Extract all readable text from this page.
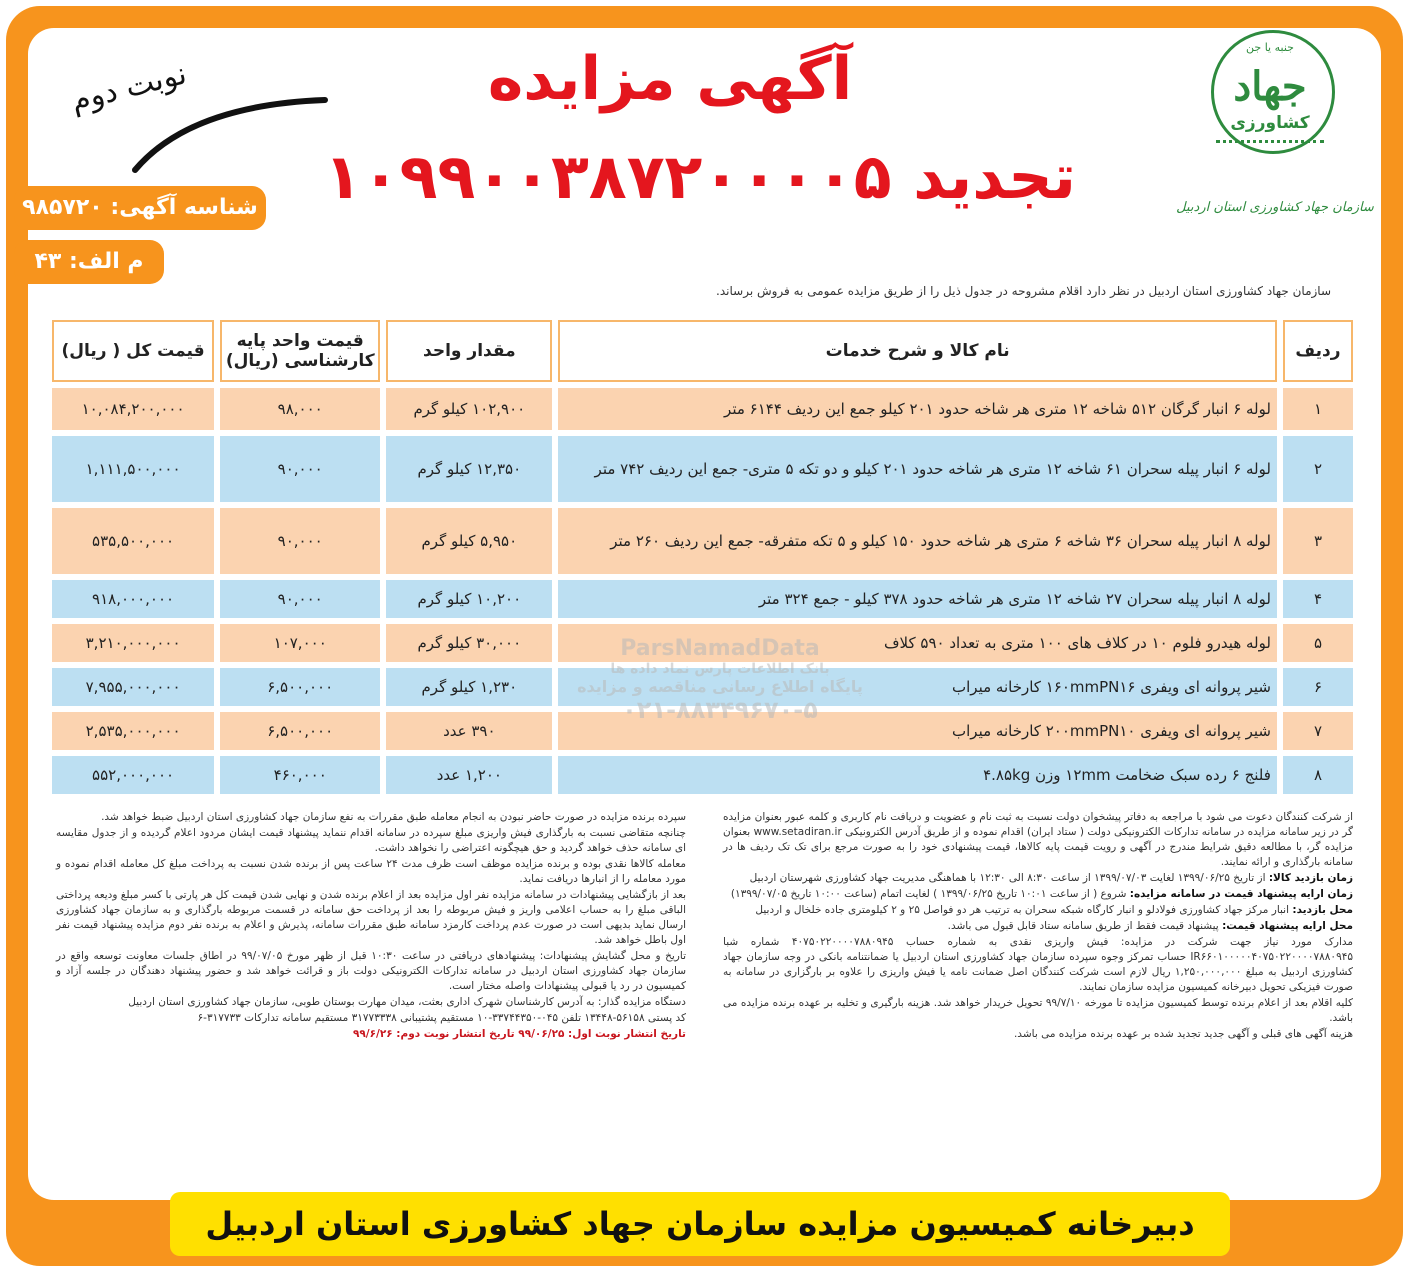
جنبه یا جن
جهاد
کشاورزی
سازمان جهاد کشاورزی استان اردبیل
آگهی مزایده
۱۰۹۹۰۰۳۸۷۲۰۰۰۰۵ تجدید
نوبت دوم
شناسه آگهی: ۹۸۵۷۲۰
م الف: ۴۳
سازمان جهاد کشاورزی استان اردبیل در نظر دارد اقلام مشروحه در جدول ذیل را از طریق مزایده عمومی به فروش برساند.
ردیف	نام کالا و شرح خدمات	مقدار واحد	قیمت واحد پایه کارشناسی (ریال)	قیمت کل ( ریال)
۱	لوله ۶ انبار گرگان ۵۱۲ شاخه ۱۲ متری هر شاخه حدود ۲۰۱ کیلو جمع این ردیف ۶۱۴۴ متر	۱۰۲,۹۰۰ کیلو گرم	۹۸,۰۰۰	۱۰,۰۸۴,۲۰۰,۰۰۰
۲	لوله ۶ انبار پیله سحران ۶۱ شاخه ۱۲ متری هر شاخه حدود ۲۰۱ کیلو و دو تکه ۵ متری- جمع این ردیف ۷۴۲ متر	۱۲,۳۵۰ کیلو گرم	۹۰,۰۰۰	۱,۱۱۱,۵۰۰,۰۰۰
۳	لوله ۸ انبار پیله سحران ۳۶ شاخه ۶ متری هر شاخه حدود ۱۵۰ کیلو و ۵ تکه متفرقه- جمع این ردیف ۲۶۰ متر	۵,۹۵۰ کیلو گرم	۹۰,۰۰۰	۵۳۵,۵۰۰,۰۰۰
۴	لوله ۸ انبار پیله سحران ۲۷ شاخه ۱۲ متری هر شاخه حدود ۳۷۸ کیلو - جمع ۳۲۴ متر	۱۰,۲۰۰ کیلو گرم	۹۰,۰۰۰	۹۱۸,۰۰۰,۰۰۰
۵	لوله هیدرو فلوم ۱۰ در کلاف های ۱۰۰ متری به تعداد ۵۹۰ کلاف	۳۰,۰۰۰ کیلو گرم	۱۰۷,۰۰۰	۳,۲۱۰,۰۰۰,۰۰۰
۶	شیر پروانه ای ویفری ۱۶۰mmPN۱۶ کارخانه میراب	۱,۲۳۰ کیلو گرم	۶,۵۰۰,۰۰۰	۷,۹۵۵,۰۰۰,۰۰۰
۷	شیر پروانه ای ویفری ۲۰۰mmPN۱۰ کارخانه میراب	۳۹۰ عدد	۶,۵۰۰,۰۰۰	۲,۵۳۵,۰۰۰,۰۰۰
۸	فلنج ۶ رده سبک ضخامت ۱۲mm وزن ۴.۸۵kg	۱,۲۰۰ عدد	۴۶۰,۰۰۰	۵۵۲,۰۰۰,۰۰۰
ParsNamadData
بانک اطلاعات پارس نماد داده ها
پایگاه اطلاع رسانی مناقصه و مزایده
۰۲۱-۸۸۳۴۹۶۷۰-۵

از شرکت کنندگان دعوت می شود با مراجعه به دفاتر پیشخوان دولت نسبت به ثبت نام و عضویت و دریافت نام کاربری و کلمه عبور بعنوان مزایده گر در زیر سامانه مزایده در سامانه تدارکات الکترونیکی دولت ( ستاد ایران) اقدام نموده و از طریق آدرس الکترونیکی www.setadiran.ir بعنوان مزایده گر، با مطالعه دقیق شرایط مندرج در آگهی و رویت قیمت پایه کالاها، قیمت پیشنهادی خود را به صورت مرجع برای تک تک ردیف ها در سامانه بارگذاری و ارائه نمایند.

زمان بازدید کالا: از تاریخ ۱۳۹۹/۰۶/۲۵ لغایت ۱۳۹۹/۰۷/۰۳ از ساعت ۸:۳۰ الی ۱۲:۳۰ با هماهنگی مدیریت جهاد کشاورزی شهرستان اردبیل

زمان ارایه پیشنهاد قیمت در سامانه مزایده: شروع ( از ساعت ۱۰:۰۱ تاریخ ۱۳۹۹/۰۶/۲۵ ) لغایت اتمام (ساعت ۱۰:۰۰ تاریخ ۱۳۹۹/۰۷/۰۵)

محل بازدید: انبار مرکز جهاد کشاورزی فولادلو و انبار کارگاه شبکه سحران به ترتیب هر دو فواصل ۲۵ و ۲ کیلومتری جاده خلخال و اردبیل

محل ارایه پیشنهاد قیمت: پیشنهاد قیمت فقط از طریق سامانه ستاد قابل قبول می باشد.

مدارک مورد نیاز جهت شرکت در مزایده: فیش واریزی نقدی به شماره حساب ۴۰۷۵۰۲۲۰۰۰۰۷۸۸۰۹۴۵ شماره شبا IR۶۶۰۱۰۰۰۰۰۴۰۷۵۰۲۲۰۰۰۰۷۸۸۰۹۴۵ حساب تمرکز وجوه سپرده سازمان جهاد کشاورزی استان اردبیل یا ضمانتنامه بانکی در وجه سازمان جهاد کشاورزی اردبیل به مبلغ ۱,۲۵۰,۰۰۰,۰۰۰ ریال لازم است شرکت کنندگان اصل ضمانت نامه یا فیش واریزی را علاوه بر بارگزاری در سامانه به صورت فیزیکی تحویل دبیرخانه کمیسیون مزایده سازمان نمایند.

کلیه اقلام بعد از اعلام برنده توسط کمیسیون مزایده تا مورخه ۹۹/۷/۱۰ تحویل خریدار خواهد شد. هزینه بارگیری و تخلیه بر عهده برنده مزایده می باشد.

هزینه آگهی های قبلی و آگهی جدید تجدید شده بر عهده برنده مزایده می باشد.

سپرده برنده مزایده در صورت حاضر نبودن به انجام معامله طبق مقررات به نفع سازمان جهاد کشاورزی استان اردبیل ضبط خواهد شد.

چنانچه متقاضی نسبت به بارگذاری فیش واریزی مبلغ سپرده در سامانه اقدام ننماید پیشنهاد قیمت ایشان مردود اعلام گردیده و از جدول مقایسه ای سامانه حذف خواهد گردید و حق هیچگونه اعتراضی را نخواهد داشت.

معامله کالاها نقدی بوده و برنده مزایده موظف است ظرف مدت ۲۴ ساعت پس از برنده شدن نسبت به پرداخت مبلغ کل معامله اقدام نموده و مورد معامله را از انبارها دریافت نماید.

بعد از بازگشایی پیشنهادات در سامانه مزایده نفر اول مزایده بعد از اعلام برنده شدن و نهایی شدن قیمت کل هر پارتی با کسر مبلغ ودیعه پرداختی الباقی مبلغ را به حساب اعلامی واریز و فیش مربوطه را بعد از پرداخت حق سامانه در قسمت مربوطه بارگذاری و به سازمان جهاد کشاورزی ارسال نماید بدیهی است در صورت عدم پرداخت کارمزد سامانه طبق مقررات سامانه، پذیرش و اعلام به برنده نفر دوم مزایده پیشنهاد قیمت نفر اول باطل خواهد شد.

تاریخ و محل گشایش پیشنهادات: پیشنهادهای دریافتی در ساعت ۱۰:۳۰ قبل از ظهر مورخ ۹۹/۰۷/۰۵ در اطاق جلسات معاونت توسعه واقع در سازمان جهاد کشاورزی استان اردبیل در سامانه تدارکات الکترونیکی دولت باز و قرائت خواهد شد و حضور پیشنهاد دهندگان در جلسه آزاد و کمیسیون در رد یا قبولی پیشنهادات واصله مختار است.

دستگاه مزایده گذار: به آدرس کارشناسان شهرک اداری بعثت، میدان مهارت بوستان طوبی، سازمان جهاد کشاورزی استان اردبیل

کد پستی ۵۶۱۵۸-۱۳۴۴۸ تلفن ۰۴۵-۳۳۷۴۴۳۵۰-۱۰ مستقیم پشتیبانی ۳۱۷۷۳۳۳۸ مستقیم سامانه تدارکات ۳۱۷۷۳۳-۶

تاریخ انتشار نوبت اول: ۹۹/۰۶/۲۵ تاریخ انتشار نوبت دوم: ۹۹/۶/۲۶

دبیرخانه کمیسیون مزایده سازمان جهاد کشاورزی استان اردبیل
